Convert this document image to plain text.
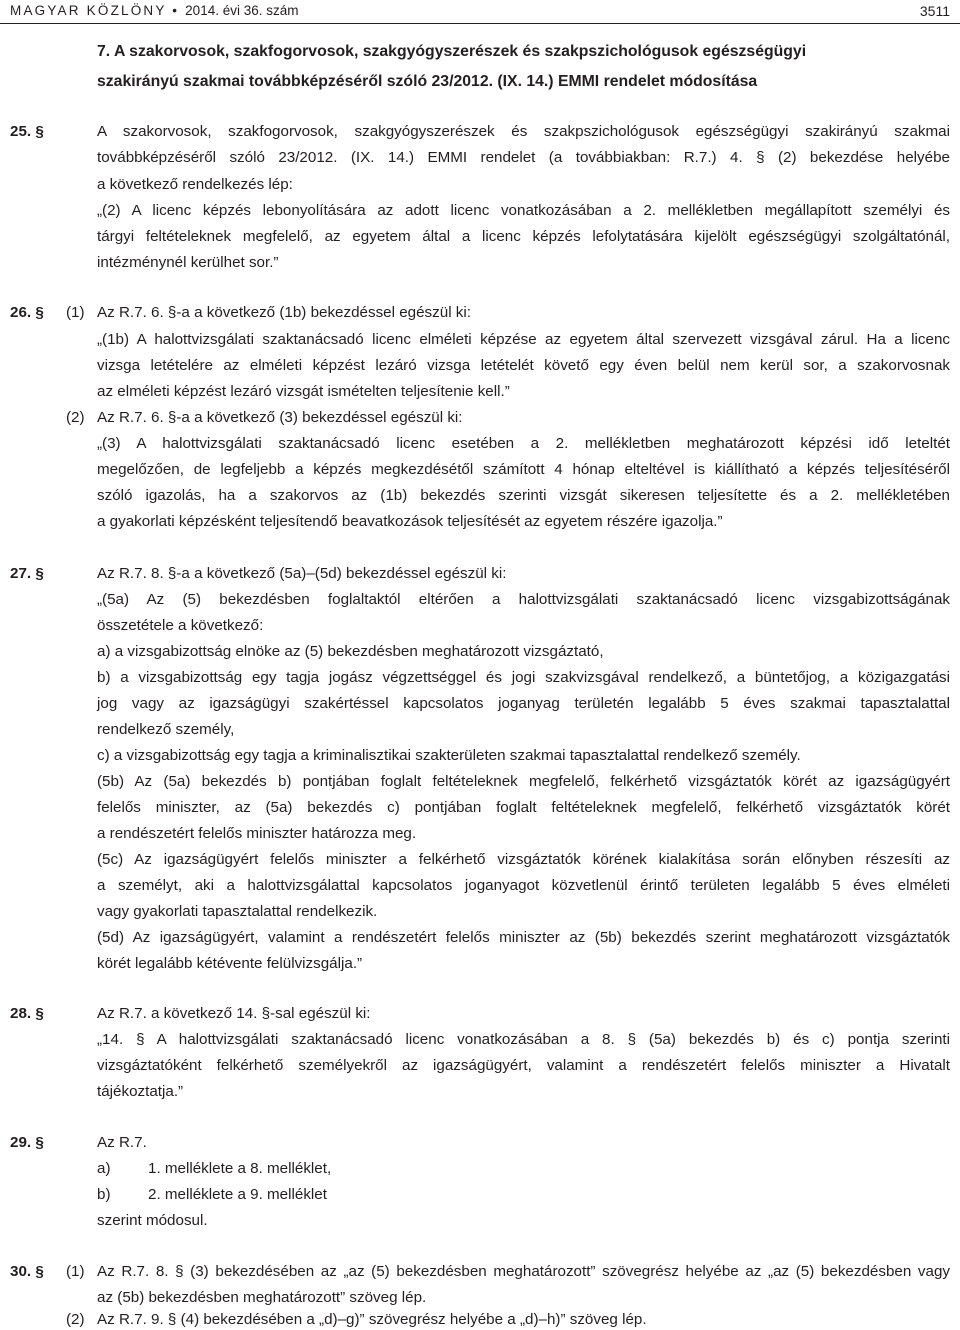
MAGYAR KÖZLÖNY • 2014. évi 36. szám	3511
7. A szakorvosok, szakfogorvosok, szakgyógyszerészek és szakpszichológusok egészségügyi
szakirányú szakmai továbbképzéséről szóló 23/2012. (IX. 14.) EMMI rendelet módosítása
25. §	A szakorvosok, szakfogorvosok, szakgyógyszerészek és szakpszichológusok egészségügyi szakirányú szakmai
továbbképzéséről szóló 23/2012. (IX. 14.) EMMI rendelet (a továbbiakban: R.7.) 4. § (2) bekezdése helyébe
a következő rendelkezés lép:
„(2) A licenc képzés lebonyolítására az adott licenc vonatkozásában a 2. mellékletben megállapított személyi és
tárgyi feltételeknek megfelelő, az egyetem által a licenc képzés lefolytatására kijelölt egészségügyi szolgáltatónál,
intézménynél kerülhet sor.”
26. § (1) Az R.7. 6. §-a a következő (1b) bekezdéssel egészül ki:
„(1b) A halottvizsgálati szaktanácsadó licenc elméleti képzése az egyetem által szervezett vizsgával zárul. Ha a licenc
vizsga letételére az elméleti képzést lezáró vizsga letételét követő egy éven belül nem kerül sor, a szakorvosnak
az elméleti képzést lezáró vizsgát ismételten teljesítenie kell.”
(2) Az R.7. 6. §-a a következő (3) bekezdéssel egészül ki:
„(3) A halottvizsgálati szaktanácsadó licenc esetében a 2. mellékletben meghatározott képzési idő leteltét
megelőzően, de legfeljebb a képzés megkezdésétől számított 4 hónap elteltével is kiállítható a képzés teljesítéséről
szóló igazolás, ha a szakorvos az (1b) bekezdés szerinti vizsgát sikeresen teljesítette és a 2. mellékletében
a gyakorlati képzésként teljesítendő beavatkozások teljesítését az egyetem részére igazolja.”
27. §	Az R.7. 8. §-a a következő (5a)–(5d) bekezdéssel egészül ki:
„(5a) Az (5) bekezdésben foglaltaktól eltérően a halottvizsgálati szaktanácsadó licenc vizsgabizottságának
összetétele a következő:
a) a vizsgabizottság elnöke az (5) bekezdésben meghatározott vizsgáztató,
b) a vizsgabizottság egy tagja jogász végzettséggel és jogi szakvizsgával rendelkező, a büntetőjog, a közigazgatási
jog vagy az igazságügyi szakértéssel kapcsolatos joganyag területén legalább 5 éves szakmai tapasztalattal
rendelkező személy,
c) a vizsgabizottság egy tagja a kriminalisztikai szakterületen szakmai tapasztalattal rendelkező személy.
(5b) Az (5a) bekezdés b) pontjában foglalt feltételeknek megfelelő, felkérhető vizsgáztatók körét az igazságügyért
felelős miniszter, az (5a) bekezdés c) pontjában foglalt feltételeknek megfelelő, felkérhető vizsgáztatók körét
a rendészetért felelős miniszter határozza meg.
(5c) Az igazságügyért felelős miniszter a felkérhető vizsgáztatók körének kialakítása során előnyben részesíti az
a személyt, aki a halottvizsgálattal kapcsolatos joganyagot közvetlenül érintő területen legalább 5 éves elméleti
vagy gyakorlati tapasztalattal rendelkezik.
(5d) Az igazságügyért, valamint a rendészetért felelős miniszter az (5b) bekezdés szerint meghatározott vizsgáztatók
körét legalább kétévente felülvizsgálja.”
28. §	Az R.7. a következő 14. §-sal egészül ki:
„14. § A halottvizsgálati szaktanácsadó licenc vonatkozásában a 8. § (5a) bekezdés b) és c) pontja szerinti
vizsgáztatóként felkérhető személyekről az igazságügyért, valamint a rendészetért felelős miniszter a Hivatalt
tájékoztatja.”
29. §	Az R.7.
a) 1. melléklete a 8. melléklet,
b) 2. melléklete a 9. melléklet
szerint módosul.
30. § (1) Az R.7. 8. § (3) bekezdésében az „az (5) bekezdésben meghatározott” szövegrész helyébe az „az (5) bekezdésben vagy
az (5b) bekezdésben meghatározott” szöveg lép.
(2) Az R.7. 9. § (4) bekezdésében a „d)–g)” szövegrész helyébe a „d)–h)” szöveg lép.
